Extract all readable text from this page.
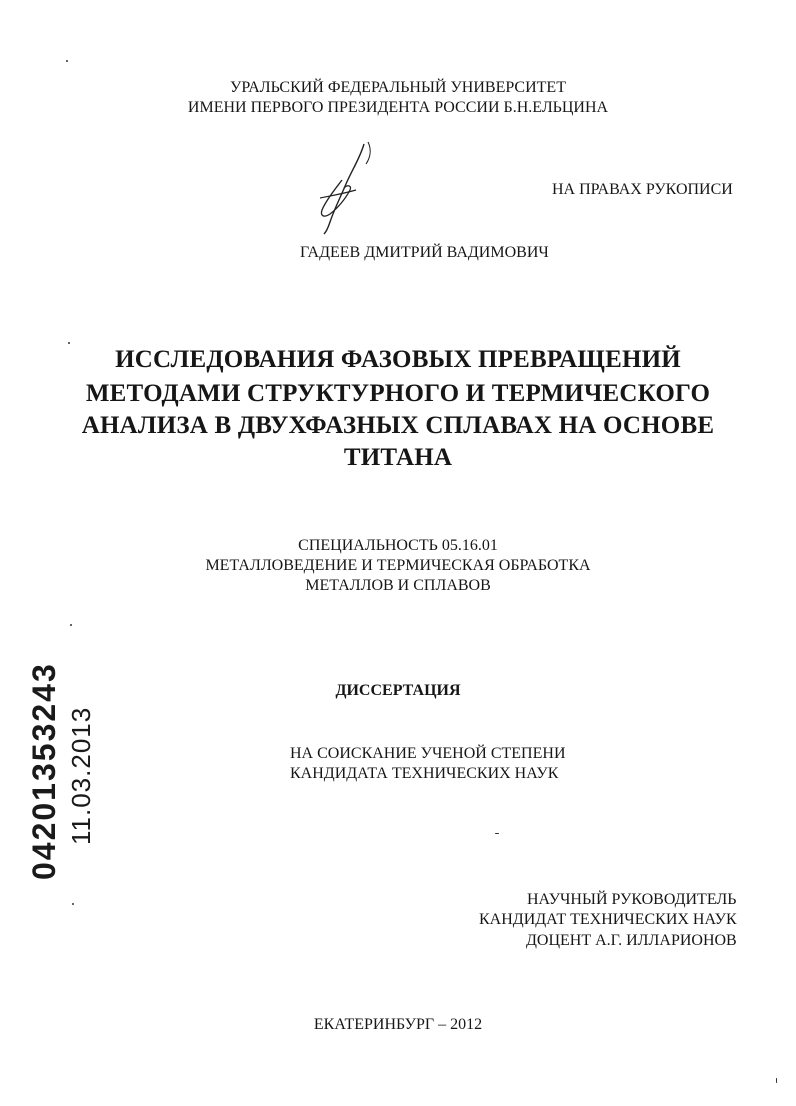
УРАЛЬСКИЙ ФЕДЕРАЛЬНЫЙ УНИВЕРСИТЕТ
ИМЕНИ ПЕРВОГО ПРЕЗИДЕНТА РОССИИ Б.Н.ЕЛЬЦИНА
НА ПРАВАХ РУКОПИСИ
ГАДЕЕВ ДМИТРИЙ ВАДИМОВИЧ
ИССЛЕДОВАНИЯ ФАЗОВЫХ ПРЕВРАЩЕНИЙ
МЕТОДАМИ СТРУКТУРНОГО И ТЕРМИЧЕСКОГО
АНАЛИЗА В ДВУХФАЗНЫХ СПЛАВАХ НА ОСНОВЕ
ТИТАНА
СПЕЦИАЛЬНОСТЬ 05.16.01
МЕТАЛЛОВЕДЕНИЕ И ТЕРМИЧЕСКАЯ ОБРАБОТКА
МЕТАЛЛОВ И СПЛАВОВ
ДИССЕРТАЦИЯ
НА СОИСКАНИЕ УЧЕНОЙ СТЕПЕНИ
КАНДИДАТА ТЕХНИЧЕСКИХ НАУК
НАУЧНЫЙ РУКОВОДИТЕЛЬ
КАНДИДАТ ТЕХНИЧЕСКИХ НАУК
ДОЦЕНТ А.Г. ИЛЛАРИОНОВ
ЕКАТЕРИНБУРГ – 2012
04201353243 11.03.2013
